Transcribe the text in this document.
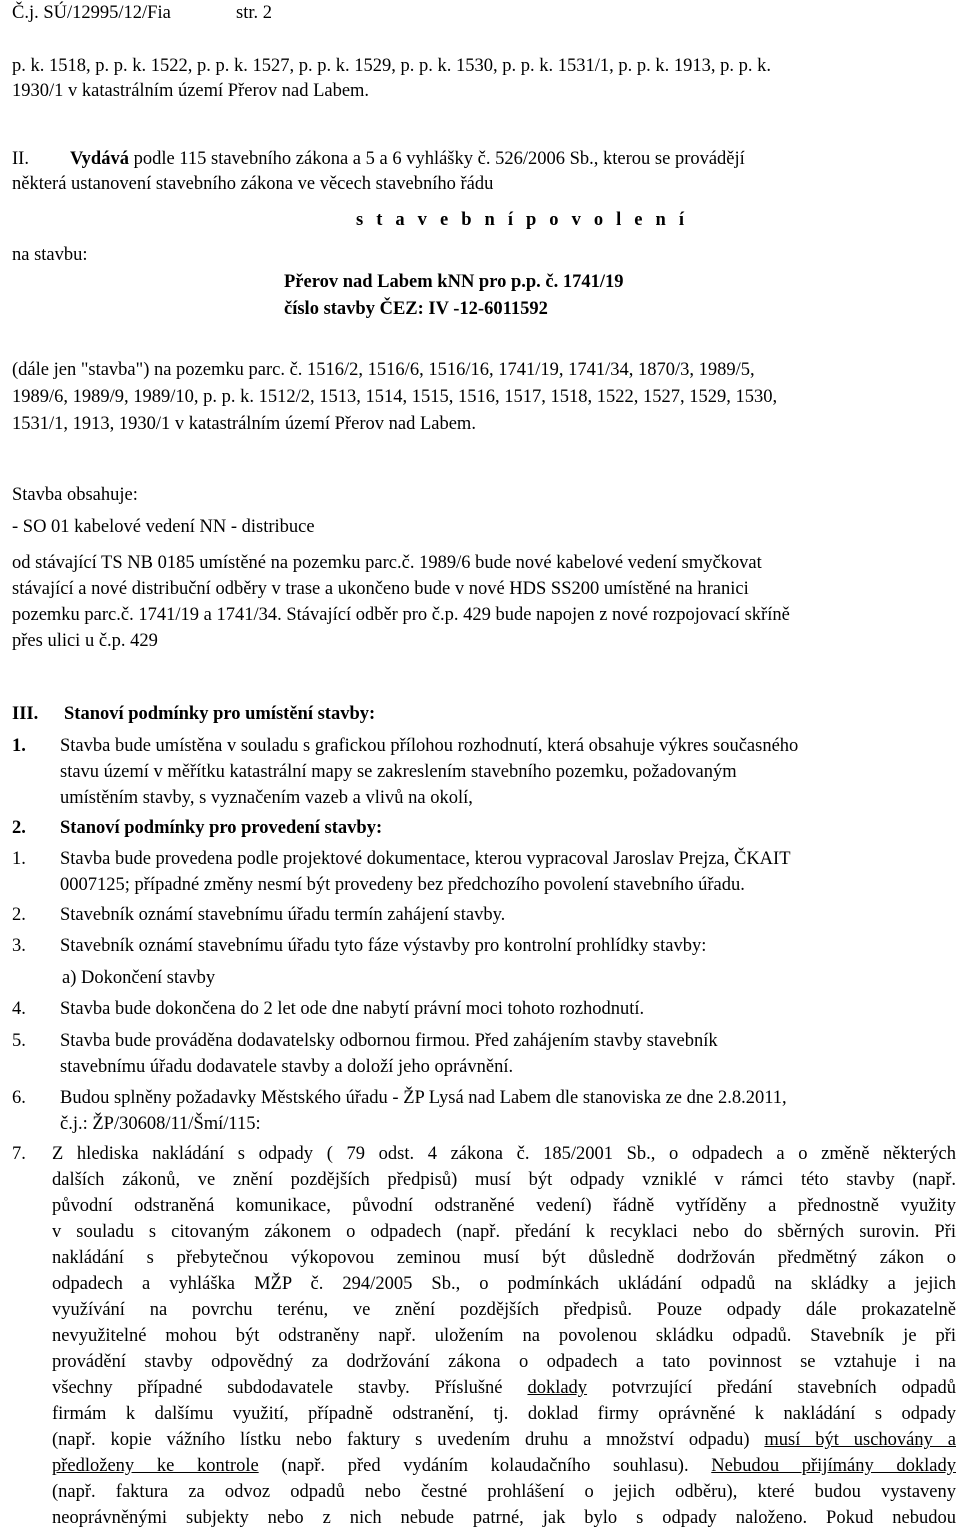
Č.j. SÚ/12995/12/Fia	str. 2
p. k. 1518, p. p. k. 1522, p. p. k. 1527, p. p. k. 1529, p. p. k. 1530, p. p. k. 1531/1, p. p. k. 1913, p. p. k.
1930/1 v katastrálním území Přerov nad Labem.
II. Vydává podle 115 stavebního zákona a 5 a 6 vyhlášky č. 526/2006 Sb., kterou se provádějí
některá ustanovení stavebního zákona ve věcech stavebního řádu
s t a v e b n í p o v o l e n í
na stavbu:
Přerov nad Labem kNN pro p.p. č. 1741/19
číslo stavby ČEZ: IV -12-6011592
(dále jen "stavba") na pozemku parc. č. 1516/2, 1516/6, 1516/16, 1741/19, 1741/34, 1870/3, 1989/5,
1989/6, 1989/9, 1989/10, p. p. k. 1512/2, 1513, 1514, 1515, 1516, 1517, 1518, 1522, 1527, 1529, 1530,
1531/1, 1913, 1930/1 v katastrálním území Přerov nad Labem.
Stavba obsahuje:
- SO 01 kabelové vedení NN - distribuce
od stávající TS NB 0185 umístěné na pozemku parc.č. 1989/6 bude nové kabelové vedení smyčkovat
stávající a nové distribuční odběry v trase a ukončeno bude v nové HDS SS200 umístěné na hranici
pozemku parc.č. 1741/19 a 1741/34. Stávající odběr pro č.p. 429 bude napojen z nové rozpojovací skříně
přes ulici u č.p. 429
III. Stanoví podmínky pro umístění stavby:
1. Stavba bude umístěna v souladu s grafickou přílohou rozhodnutí, která obsahuje výkres současného
stavu území v měřítku katastrální mapy se zakreslením stavebního pozemku, požadovaným
umístěním stavby, s vyznačením vazeb a vlivů na okolí,
2. Stanoví podmínky pro provedení stavby:
1. Stavba bude provedena podle projektové dokumentace, kterou vypracoval Jaroslav Prejza, ČKAIT
0007125; případné změny nesmí být provedeny bez předchozího povolení stavebního úřadu.
2. Stavebník oznámí stavebnímu úřadu termín zahájení stavby.
3. Stavebník oznámí stavebnímu úřadu tyto fáze výstavby pro kontrolní prohlídky stavby:
a) Dokončení stavby
4. Stavba bude dokončena do 2 let ode dne nabytí právní moci tohoto rozhodnutí.
5. Stavba bude prováděna dodavatelsky odbornou firmou. Před zahájením stavby stavebník
stavebnímu úřadu dodavatele stavby a doloží jeho oprávnění.
6. Budou splněny požadavky Městského úřadu - ŽP Lysá nad Labem dle stanoviska ze dne 2.8.2011,
č.j.: ŽP/30608/11/Šmí/115:
7. Z hlediska nakládání s odpady ( 79 odst. 4 zákona č. 185/2001 Sb., o odpadech a o změně některých
dalších zákonů, ve znění pozdějších předpisů) musí být odpady vzniklé v rámci této stavby (např.
původní odstraněná komunikace, původní odstraněné vedení) řádně vytříděny a přednostně využity
v souladu s citovaným zákonem o odpadech (např. předání k recyklaci nebo do sběrných surovin. Při
nakládání s přebytečnou výkopovou zeminou musí být důsledně dodržován předmětný zákon o
odpadech a vyhláška MŽP č. 294/2005 Sb., o podmínkách ukládání odpadů na skládky a jejich
využívání na povrchu terénu, ve znění pozdějších předpisů. Pouze odpady dále prokazatelně
nevyužitelné mohou být odstraněny např. uložením na povolenou skládku odpadů. Stavebník je při
provádění stavby odpovědný za dodržování zákona o odpadech a tato povinnost se vztahuje i na
všechny případné subdodavatele stavby. Příslušné doklady potvrzující předání stavebních odpadů
firmám k dalšímu využití, případně odstranění, tj. doklad firmy oprávněné k nakládání s odpady
(např. kopie vážního lístku nebo faktury s uvedením druhu a množství odpadu) musí být uschovány a
předloženy ke kontrole (např. před vydáním kolaudačního souhlasu). Nebudou přijímány doklady
(např. faktura za odvoz odpadů nebo čestné prohlášení o jejich odběru), které budou vystaveny
neoprávněnými subjekty nebo z nich nebude patrné, jak bylo s odpady naloženo. Pokud nebudou
